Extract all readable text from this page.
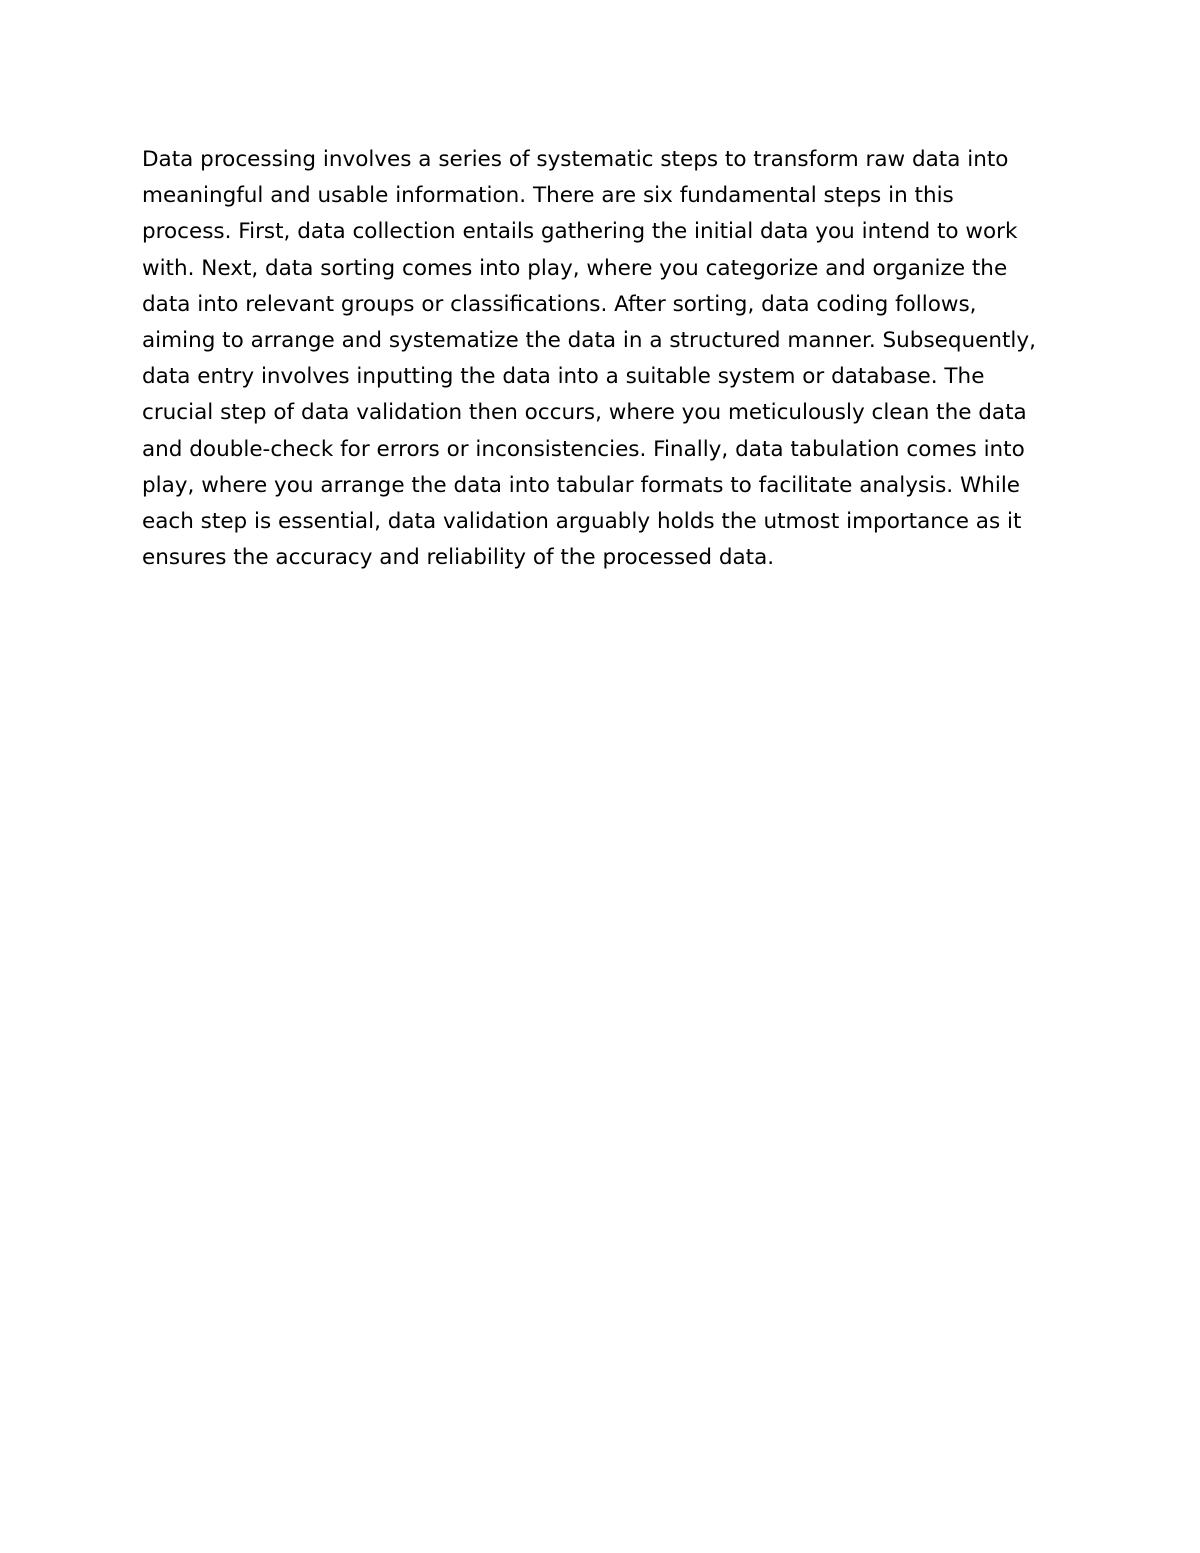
Data processing involves a series of systematic steps to transform raw data into
meaningful and usable information. There are six fundamental steps in this
process. First, data collection entails gathering the initial data you intend to work
with. Next, data sorting comes into play, where you categorize and organize the
data into relevant groups or classifications. After sorting, data coding follows,
aiming to arrange and systematize the data in a structured manner. Subsequently,
data entry involves inputting the data into a suitable system or database. The
crucial step of data validation then occurs, where you meticulously clean the data
and double-check for errors or inconsistencies. Finally, data tabulation comes into
play, where you arrange the data into tabular formats to facilitate analysis. While
each step is essential, data validation arguably holds the utmost importance as it
ensures the accuracy and reliability of the processed data.
